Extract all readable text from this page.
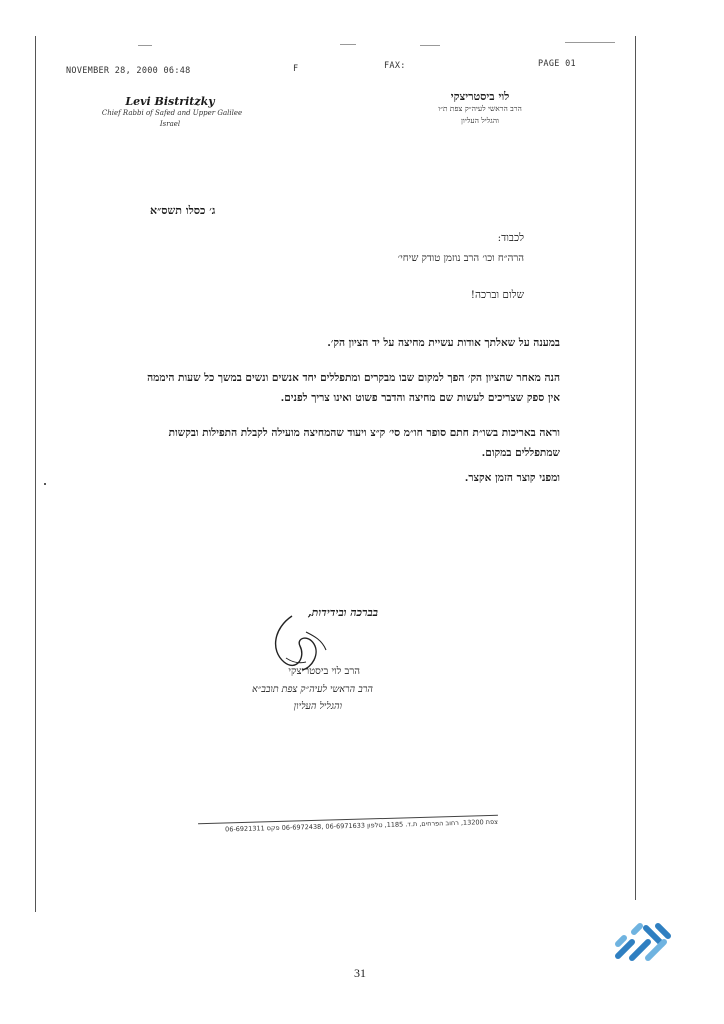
NOVEMBER 28, 2000 06:48	F	FAX:	PAGE 01
Levi Bistritzky
Chief Rabbi of Safed and Upper Galilee
Israel
לוי ביסטריצקי
הרב הראשי לעיה״ק צפת ת״ו
והגליל העליון
ג׳ כסלו תשס״א
לכבוד:
הרה״ח וכו׳ הרב נוזמן טודק שיחי׳
שלום וברכה!
במענה על שאלתך אודות עשיית מחיצה על יד הציון הק׳.
הנה מאחר שהציון הק׳ הפך למקום שבו מבקרים ומתפללים יחד אנשים ונשים במשך כל שעות היממה אין ספק שצריכים לעשות שם מחיצה והדבר פשוט ואינו צריך לפנים.
וראה באריכות בשו״ת חתם סופר חו״מ סי׳ ק״צ ויעוד שהמחיצה מועילה לקבלת התפילות ובקשות שמתפללים במקום.
ומפני קוצר הזמן אקצר.
בברכה ובידידות,
הרב לוי ביסטריצקי
הרב הראשי לעיה״ק צפת תובב״א
והגליל העליון
צפת 13200, רחוב הפרחים, ת.ד. 1185, טלפון 06-6971633 ,06-6972438 פקס 06-6921311
31
